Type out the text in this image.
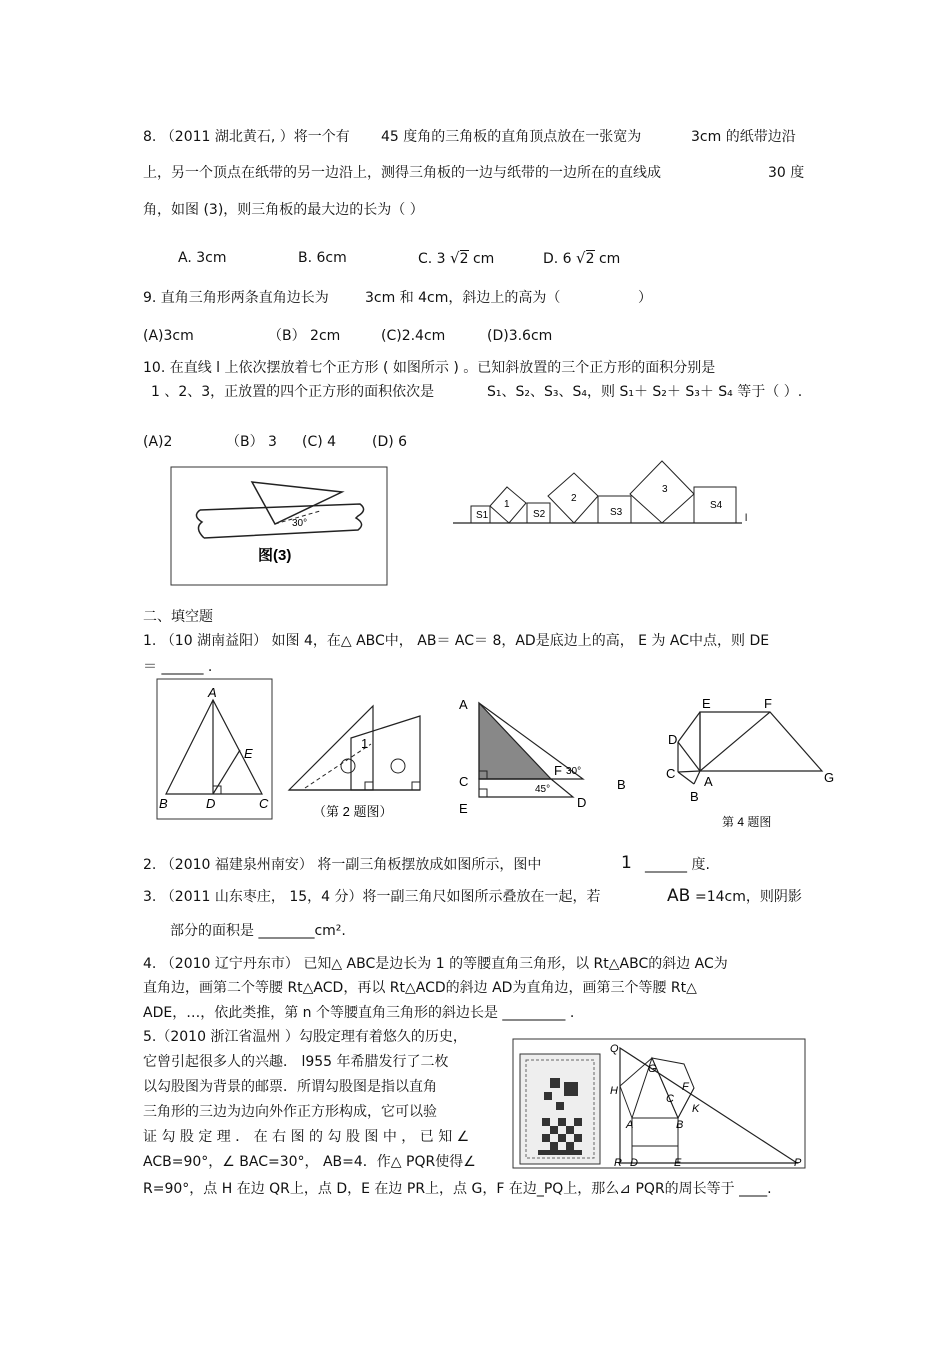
8. （2011 湖北黄石, ）将一个有 45 度角的三角板的直角顶点放在一张宽为	3cm 的纸带边沿
上，另一个顶点在纸带的另一边沿上，测得三角板的一边与纸带的一边所在的直线成	30 度
角，如图 (3)，则三角板的最大边的长为（ ）
A. 3cm	B. 6cm	C. 3 √2 cm	D. 6 √2 cm
9. 直角三角形两条直角边长为	3cm 和 4cm，斜边上的高为（	）
(A)3cm	（B） 2cm	(C)2.4cm	(D)3.6cm
10. 在直线 l 上依次摆放着七个正方形 ( 如图所示 ) 。已知斜放置的三个正方形的面积分别是
1 、2、3，正放置的四个正方形的面积依次是	S₁、S₂、S₃、S₄，则 S₁＋ S₂＋ S₃＋ S₄ 等于（ ）.
(A)2	（B） 3 (C) 4	(D) 6
30°
图(3)
S1
1
S2
2
S3
3
S4
l
二、填空题
1. （10 湖南益阳） 如图 4，在△ ABC中， AB＝ AC＝ 8，AD是底边上的高， E 为 AC中点，则 DE
＝ ______ .
A
B	C
D
E
1
（第 2 题图）
A
C
E
B
D
F 30°
45°
E	F
D
C
A
B
G
第 4 题图
2. （2010 福建泉州南安） 将一副三角板摆放成如图所示，图中	1 ______ 度.
3. （2011 山东枣庄， 15，4 分）将一副三角尺如图所示叠放在一起，若	AB =14cm，则阴影
部分的面积是 ________cm².
4. （2010 辽宁丹东市） 已知△ ABC是边长为 1 的等腰直角三角形，以 Rt△ABC的斜边 AC为
直角边，画第二个等腰 Rt△ACD，再以 Rt△ACD的斜边 AD为直角边，画第三个等腰 Rt△
ADE，…，依此类推，第 n 个等腰直角三角形的斜边长是 _________ .
5.（2010 浙江省温州 ）勾股定理有着悠久的历史，
它曾引起很多人的兴趣． l955 年希腊发行了二枚
以勾股图为背景的邮票．所谓勾股图是指以直角
三角形的三边为边向外作正方形构成，它可以验
证 勾 股 定 理 ． 在 右 图 的 勾 股 图 中 ， 已 知 ∠
ACB=90°，∠ BAC=30°， AB=4．作△ PQR使得∠
R=90°，点 H 在边 QR上，点 D，E 在边 PR上，点 G，F 在边_PQ上，那么⊿ PQR的周长等于 ____.
Q
G
H	F
C
K
A	B
R D	E	P
